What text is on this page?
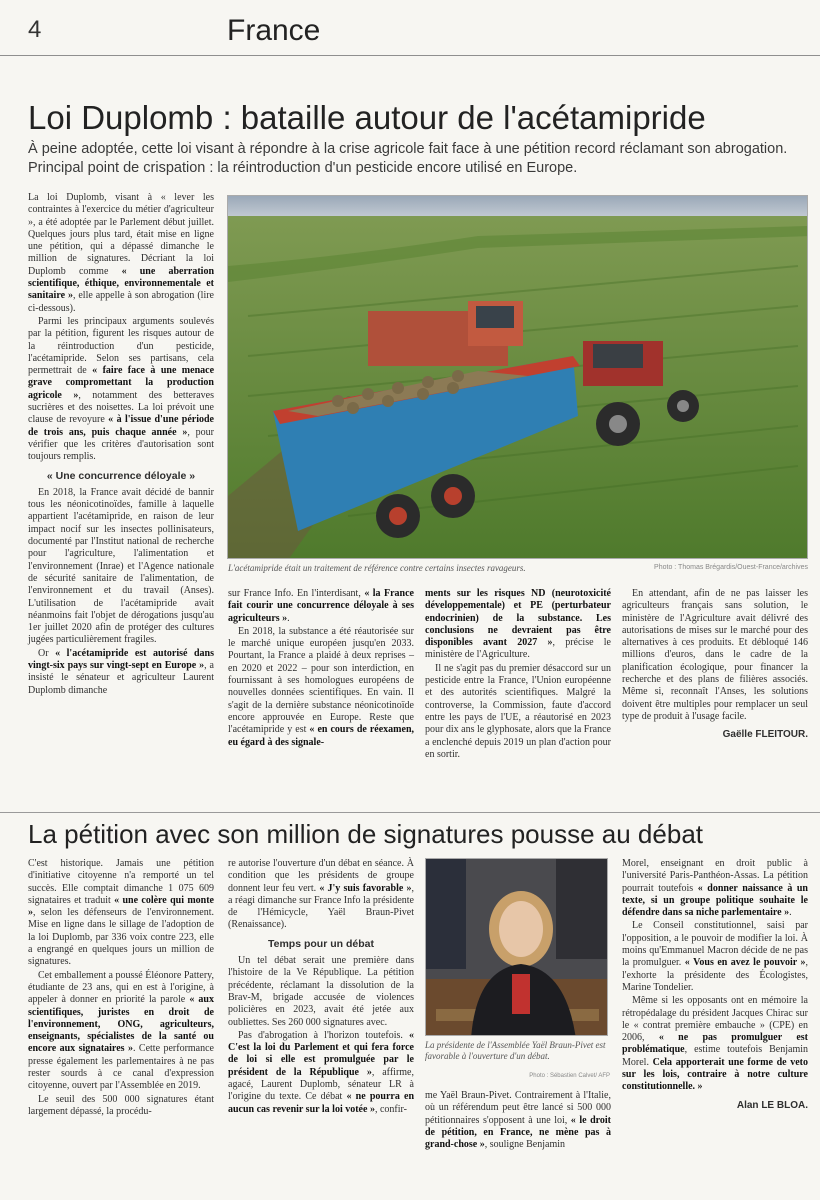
4	France
Loi Duplomb : bataille autour de l'acétamipride
À peine adoptée, cette loi visant à répondre à la crise agricole fait face à une pétition record réclamant son abrogation. Principal point de crispation : la réintroduction d'un pesticide encore utilisé en Europe.

La loi Duplomb, visant à « lever les contraintes à l'exercice du métier d'agriculteur », a été adoptée par le Parlement début juillet. Quelques jours plus tard, était mise en ligne une pétition, qui a dépassé dimanche le million de signatures. Décriant la loi Duplomb comme « une aberration scientifique, éthique, environnementale et sanitaire », elle appelle à son abrogation (lire ci-dessous).

Parmi les principaux arguments soulevés par la pétition, figurent les risques autour de la réintroduction d'un pesticide, l'acétamipride. Selon ses partisans, cela permettrait de « faire face à une menace grave compromettant la production agricole », notamment des betteraves sucrières et des noisettes. La loi prévoit une clause de revoyure « à l'issue d'une période de trois ans, puis chaque année », pour vérifier que les critères d'autorisation sont toujours remplis.

« Une concurrence déloyale »

En 2018, la France avait décidé de bannir tous les néonicotinoïdes, famille à laquelle appartient l'acétamipride, en raison de leur impact nocif sur les insectes pollinisateurs, documenté par l'Institut national de recherche pour l'agriculture, l'alimentation et l'environnement (Inrae) et l'Agence nationale de sécurité sanitaire de l'alimentation, de l'environnement et du travail (Anses). L'utilisation de l'acétamipride avait néanmoins fait l'objet de dérogations jusqu'au 1er juillet 2020 afin de protéger des cultures jugées particulièrement fragiles.

Or « l'acétamipride est autorisé dans vingt-six pays sur vingt-sept en Europe », a insisté le sénateur et agriculteur Laurent Duplomb dimanche

L'acétamipride était un traitement de référence contre certains insectes ravageurs.	Photo : Thomas Brégardis/Ouest-France/archives

sur France Info. En l'interdisant, « la France fait courir une concurrence déloyale à ses agriculteurs ».

En 2018, la substance a été réautorisée sur le marché unique européen jusqu'en 2033. Pourtant, la France a plaidé à deux reprises – en 2020 et 2022 – pour son interdiction, en fournissant à ses homologues européens de nouvelles données scientifiques. En vain. Il s'agit de la dernière substance néonicotinoïde encore approuvée en Europe. Reste que l'acétamipride y est « en cours de réexamen, eu égard à des signale-

ments sur les risques ND (neurotoxicité développementale) et PE (perturbateur endocrinien) de la substance. Les conclusions ne devraient pas être disponibles avant 2027 », précise le ministère de l'Agriculture.

Il ne s'agit pas du premier désaccord sur un pesticide entre la France, l'Union européenne et des autorités scientifiques. Malgré la controverse, la Commission, faute d'accord entre les pays de l'UE, a réautorisé en 2023 pour dix ans le glyphosate, alors que la France a enclenché depuis 2019 un plan d'action pour en sortir.

En attendant, afin de ne pas laisser les agriculteurs français sans solution, le ministère de l'Agriculture avait délivré des autorisations de mises sur le marché pour des alternatives à ces produits. Et débloqué 146 millions d'euros, dans le cadre de la planification écologique, pour financer la recherche et des plans de filières associés. Même si, reconnaît l'Anses, les solutions doivent être multiples pour remplacer un seul type de produit à l'usage facile.

Gaëlle FLEITOUR.
La pétition avec son million de signatures pousse au débat

C'est historique. Jamais une pétition d'initiative citoyenne n'a remporté un tel succès. Elle comptait dimanche 1 075 609 signataires et traduit « une colère qui monte », selon les défenseurs de l'environnement. Mise en ligne dans le sillage de l'adoption de la loi Duplomb, par 336 voix contre 223, elle a engrangé en quelques jours un million de signatures.

Cet emballement a poussé Éléonore Pattery, étudiante de 23 ans, qui en est à l'origine, à appeler à donner en priorité la parole « aux scientifiques, juristes en droit de l'environnement, ONG, agriculteurs, enseignants, spécialistes de la santé ou encore aux signataires ». Cette performance presse également les parlementaires à ne pas rester sourds à ce canal d'expression citoyenne, ouvert par l'Assemblée en 2019.

Le seuil des 500 000 signatures étant largement dépassé, la procédu-

re autorise l'ouverture d'un débat en séance. À condition que les présidents de groupe donnent leur feu vert. « J'y suis favorable », a réagi dimanche sur France Info la présidente de l'Hémicycle, Yaël Braun-Pivet (Renaissance).

Temps pour un débat

Un tel débat serait une première dans l'histoire de la Ve République. La pétition précédente, réclamant la dissolution de la Brav-M, brigade accusée de violences policières en 2023, avait été jetée aux oubliettes. Ses 260 000 signatures avec.

Pas d'abrogation à l'horizon toutefois. « C'est la loi du Parlement et qui fera force de loi si elle est promulguée par le président de la République », affirme, agacé, Laurent Duplomb, sénateur LR à l'origine du texte. Ce débat « ne pourra en aucun cas revenir sur la loi votée », confir-

La présidente de l'Assemblée Yaël Braun-Pivet est favorable à l'ouverture d'un débat.
Photo : Sébastien Calvet/ AFP

me Yaël Braun-Pivet. Contrairement à l'Italie, où un référendum peut être lancé si 500 000 pétitionnaires s'opposent à une loi, « le droit de pétition, en France, ne mène pas à grand-chose », souligne Benjamin

Morel, enseignant en droit public à l'université Paris-Panthéon-Assas. La pétition pourrait toutefois « donner naissance à un texte, si un groupe politique souhaite le défendre dans sa niche parlementaire ».

Le Conseil constitutionnel, saisi par l'opposition, a le pouvoir de modifier la loi. À moins qu'Emmanuel Macron décide de ne pas la promulguer. « Vous en avez le pouvoir », l'exhorte la présidente des Écologistes, Marine Tondelier.

Même si les opposants ont en mémoire la rétropédalage du président Jacques Chirac sur le « contrat première embauche » (CPE) en 2006, « ne pas promulguer est problématique, estime toutefois Benjamin Morel. Cela apporterait une forme de veto sur les lois, contraire à notre culture constitutionnelle. »

Alan LE BLOA.
